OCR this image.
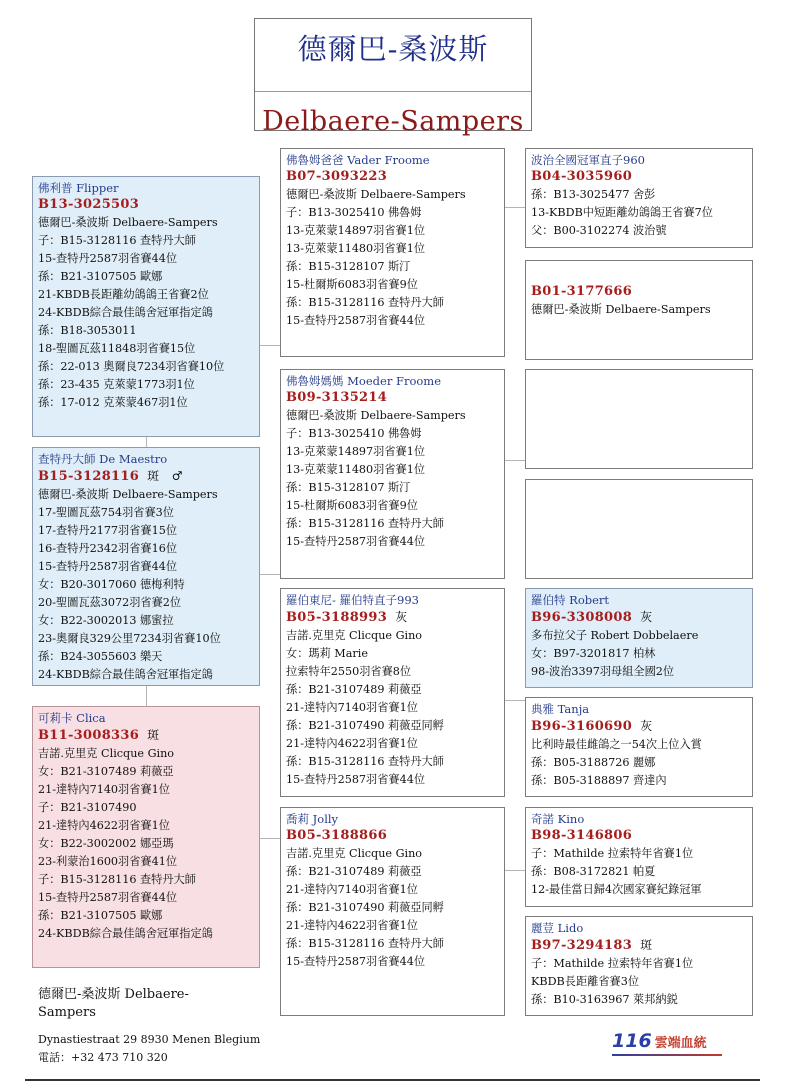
德爾巴-桑波斯
Delbaere-Sampers
佛利普 Flipper
B13-3025503
德爾巴-桑波斯 Delbaere-Sampers
子：B15-3128116 查特丹大師
15-查特丹2587羽省賽44位
孫：B21-3107505 歐娜
21-KBDB長距離幼鴿鴿王省賽2位
24-KBDB綜合最佳鴿舍冠軍指定鴿
孫：B18-3053011
18-聖圖瓦茲11848羽省賽15位
孫：22-013 奧爾良7234羽省賽10位
孫：23-435 克萊蒙1773羽1位
孫：17-012 克萊蒙467羽1位
查特丹大師 De Maestro
B15-3128116 斑　♂
德爾巴-桑波斯 Delbaere-Sampers
17-聖圖瓦茲754羽省賽3位
17-查特丹2177羽省賽15位
16-查特丹2342羽省賽16位
15-查特丹2587羽省賽44位
女：B20-3017060 德梅利特
20-聖圖瓦茲3072羽省賽2位
女：B22-3002013 娜蜜拉
23-奧爾良329公里7234羽省賽10位
孫：B24-3055603 樂天
24-KBDB綜合最佳鴿舍冠軍指定鴿
可莉卡 Clica
B11-3008336 斑
吉諾.克里克 Clicque Gino
女：B21-3107489 莉薇亞
21-達特內7140羽省賽1位
子：B21-3107490
21-達特內4622羽省賽1位
女：B22-3002002 娜亞瑪
23-利蒙治1600羽省賽41位
子：B15-3128116 查特丹大師
15-查特丹2587羽省賽44位
孫：B21-3107505 歐娜
24-KBDB綜合最佳鴿舍冠軍指定鴿
佛魯姆爸爸 Vader Froome
B07-3093223
德爾巴-桑波斯 Delbaere-Sampers
子：B13-3025410 佛魯姆
13-克萊蒙14897羽省賽1位
13-克萊蒙11480羽省賽1位
孫：B15-3128107 斯汀
15-杜爾斯6083羽省賽9位
孫：B15-3128116 查特丹大師
15-查特丹2587羽省賽44位
佛魯姆媽媽 Moeder Froome
B09-3135214
德爾巴-桑波斯 Delbaere-Sampers
子：B13-3025410 佛魯姆
13-克萊蒙14897羽省賽1位
13-克萊蒙11480羽省賽1位
孫：B15-3128107 斯汀
15-杜爾斯6083羽省賽9位
孫：B15-3128116 查特丹大師
15-查特丹2587羽省賽44位
羅伯東尼- 羅伯特直子993
B05-3188993 灰
吉諾.克里克 Clicque Gino
女：瑪莉 Marie
拉索特年2550羽省賽8位
孫：B21-3107489 莉薇亞
21-達特內7140羽省賽1位
孫：B21-3107490 莉薇亞同孵
21-達特內4622羽省賽1位
孫：B15-3128116 查特丹大師
15-查特丹2587羽省賽44位
喬莉 Jolly
B05-3188866
吉諾.克里克 Clicque Gino
孫：B21-3107489 莉薇亞
21-達特內7140羽省賽1位
孫：B21-3107490 莉薇亞同孵
21-達特內4622羽省賽1位
孫：B15-3128116 查特丹大師
15-查特丹2587羽省賽44位
波治全國冠軍直子960
B04-3035960
孫：B13-3025477 舍彭
13-KBDB中短距離幼鴿鴿王省賽7位
父：B00-3102274 波治號
B01-3177666
德爾巴-桑波斯 Delbaere-Sampers
羅伯特 Robert
B96-3308008 灰
多布拉父子 Robert Dobbelaere
女：B97-3201817 柏林
98-波治3397羽母組全國2位
典雅 Tanja
B96-3160690 灰
比利時最佳雌鴿之一54次上位入賞
孫：B05-3188726 麗娜
孫：B05-3188897 齊達內
奇諾 Kino
B98-3146806
子：Mathilde 拉索特年省賽1位
孫：B08-3172821 帕夏
12-最佳當日歸4次國家賽紀錄冠軍
麗荳 Lido
B97-3294183 斑
子：Mathilde 拉索特年省賽1位
KBDB長距離省賽3位
孫：B10-3163967 萊邦納鋭
德爾巴-桑波斯 Delbaere-Sampers
Dynastiestraat 29 8930 Menen Blegium
電話：+32 473 710 320
116 雲端血統
